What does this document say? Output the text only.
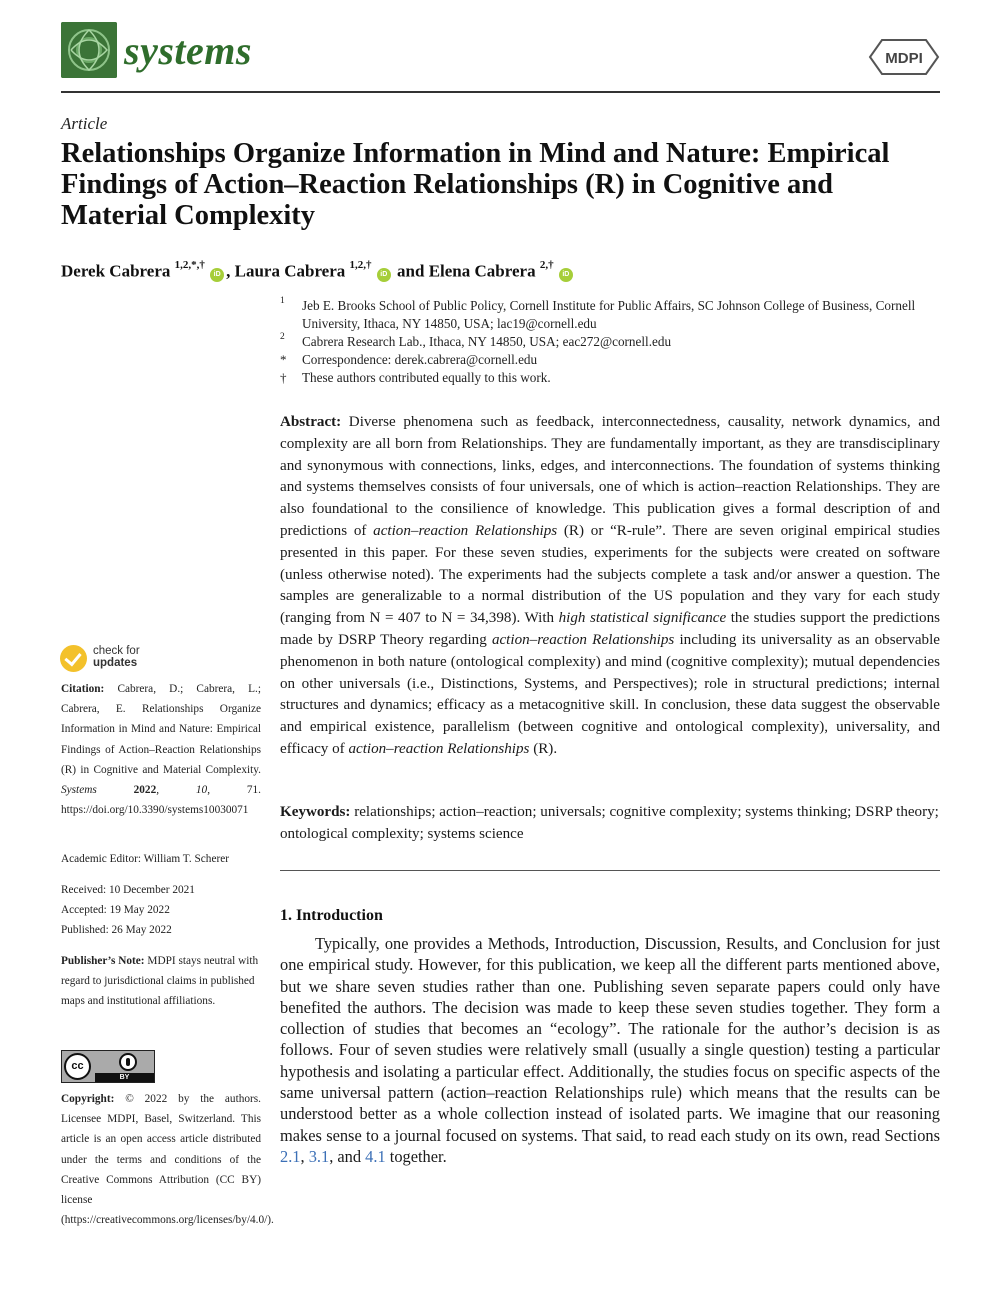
systems	MDPI
Article
Relationships Organize Information in Mind and Nature: Empirical Findings of Action–Reaction Relationships (R) in Cognitive and Material Complexity
Derek Cabrera $^{1,2,*,\dagger}$ iD , Laura Cabrera $^{1,2,\dagger}$ iD and Elena Cabrera $^{2,\dagger}$ iD
1 Jeb E. Brooks School of Public Policy, Cornell Institute for Public Affairs, SC Johnson College of Business, Cornell University, Ithaca, NY 14850, USA; lac19@cornell.edu
2 Cabrera Research Lab., Ithaca, NY 14850, USA; eac272@cornell.edu
* Correspondence: derek.cabrera@cornell.edu
† These authors contributed equally to this work.
Abstract: Diverse phenomena such as feedback, interconnectedness, causality, network dynamics, and complexity are all born from Relationships. They are fundamentally important, as they are transdisciplinary and synonymous with connections, links, edges, and interconnections. The foundation of systems thinking and systems themselves consists of four universals, one of which is action–reaction Relationships. They are also foundational to the consilience of knowledge. This publication gives a formal description of and predictions of action–reaction Relationships (R) or “R-rule”. There are seven original empirical studies presented in this paper. For these seven studies, experiments for the subjects were created on software (unless otherwise noted). The experiments had the subjects complete a task and/or answer a question. The samples are generalizable to a normal distribution of the US population and they vary for each study (ranging from N = 407 to N = 34,398). With high statistical significance the studies support the predictions made by DSRP Theory regarding action–reaction Relationships including its universality as an observable phenomenon in both nature (ontological complexity) and mind (cognitive complexity); mutual dependencies on other universals (i.e., Distinctions, Systems, and Perspectives); role in structural predictions; internal structures and dynamics; efficacy as a metacognitive skill. In conclusion, these data suggest the observable and empirical existence, parallelism (between cognitive and ontological complexity), universality, and efficacy of action–reaction Relationships (R).
Keywords: relationships; action–reaction; universals; cognitive complexity; systems thinking; DSRP theory; ontological complexity; systems science
1. Introduction

Typically, one provides a Methods, Introduction, Discussion, Results, and Conclusion for just one empirical study. However, for this publication, we keep all the different parts mentioned above, but we share seven studies rather than one. Publishing seven separate papers could only have benefited the authors. The decision was made to keep these seven studies together. They form a collection of studies that becomes an “ecology”. The rationale for the author’s decision is as follows. Four of seven studies were relatively small (usually a single question) testing a particular hypothesis and isolating a particular effect. Additionally, the studies focus on specific aspects of the same universal pattern (action–reaction Relationships rule) which means that the results can be understood better as a whole collection instead of isolated parts. We imagine that our reasoning makes sense to a journal focused on systems. That said, to read each study on its own, read Sections 2.1, 3.1, and 4.1 together.

check for
updates
Citation: Cabrera, D.; Cabrera, L.; Cabrera, E. Relationships Organize Information in Mind and Nature: Empirical Findings of Action–Reaction Relationships (R) in Cognitive and Material Complexity. Systems 2022, 10, 71. https://doi.org/10.3390/systems10030071
Academic Editor: William T. Scherer
Received: 10 December 2021
Accepted: 19 May 2022
Published: 26 May 2022
Publisher’s Note: MDPI stays neutral with regard to jurisdictional claims in published maps and institutional affiliations.
cc
BY
Copyright: © 2022 by the authors. Licensee MDPI, Basel, Switzerland. This article is an open access article distributed under the terms and conditions of the Creative Commons Attribution (CC BY) license (https://creativecommons.org/licenses/by/4.0/).
